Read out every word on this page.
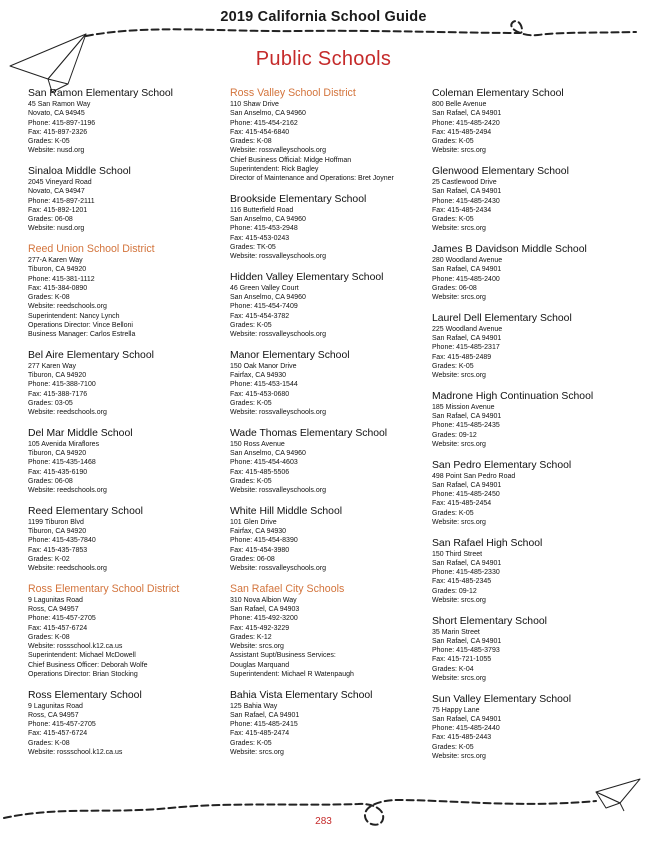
2019 California School Guide
Public Schools
San Ramon Elementary School
45 San Ramon Way
Novato, CA 94945
Phone: 415-897-1196
Fax: 415-897-2326
Grades: K-05
Website: nusd.org
Sinaloa Middle School
2045 Vineyard Road
Novato, CA 94947
Phone: 415-897-2111
Fax: 415-892-1201
Grades: 06-08
Website: nusd.org
Reed Union School District
277-A Karen Way
Tiburon, CA 94920
Phone: 415-381-1112
Fax: 415-384-0890
Grades: K-08
Website: reedschools.org
Superintendent: Nancy Lynch
Operations Director: Vince Belloni
Business Manager: Carlos Estrella
Bel Aire Elementary School
277 Karen Way
Tiburon, CA 94920
Phone: 415-388-7100
Fax: 415-388-7176
Grades: 03-05
Website: reedschools.org
Del Mar Middle School
105 Avenida Miraflores
Tiburon, CA 94920
Phone: 415-435-1468
Fax: 415-435-6190
Grades: 06-08
Website: reedschools.org
Reed Elementary School
1199 Tiburon Blvd
Tiburon, CA 94920
Phone: 415-435-7840
Fax: 415-435-7853
Grades: K-02
Website: reedschools.org
Ross Elementary School District
9 Lagunitas Road
Ross, CA 94957
Phone: 415-457-2705
Fax: 415-457-6724
Grades: K-08
Website: rossschool.k12.ca.us
Superintendent: Michael McDowell
Chief Business Officer: Deborah Wolfe
Operations Director: Brian Stocking
Ross Elementary School
9 Lagunitas Road
Ross, CA 94957
Phone: 415-457-2705
Fax: 415-457-6724
Grades: K-08
Website: rossschool.k12.ca.us
Ross Valley School District
110 Shaw Drive
San Anselmo, CA 94960
Phone: 415-454-2162
Fax: 415-454-6840
Grades: K-08
Website: rossvalleyschools.org
Chief Business Official: Midge Hoffman
Superintendent: Rick Bagley
Director of Maintenance and Operations: Bret Joyner
Brookside Elementary School
116 Butterfield Road
San Anselmo, CA 94960
Phone: 415-453-2948
Fax: 415-453-0243
Grades: TK-05
Website: rossvalleyschools.org
Hidden Valley Elementary School
46 Green Valley Court
San Anselmo, CA 94960
Phone: 415-454-7409
Fax: 415-454-3782
Grades: K-05
Website: rossvalleyschools.org
Manor Elementary School
150 Oak Manor Drive
Fairfax, CA 94930
Phone: 415-453-1544
Fax: 415-453-0680
Grades: K-05
Website: rossvalleyschools.org
Wade Thomas Elementary School
150 Ross Avenue
San Anselmo, CA 94960
Phone: 415-454-4603
Fax: 415-485-5506
Grades: K-05
Website: rossvalleyschools.org
White Hill Middle School
101 Glen Drive
Fairfax, CA 94930
Phone: 415-454-8390
Fax: 415-454-3980
Grades: 06-08
Website: rossvalleyschools.org
San Rafael City Schools
310 Nova Albion Way
San Rafael, CA 94903
Phone: 415-492-3200
Fax: 415-492-3229
Grades: K-12
Website: srcs.org
Assistant Supt/Business Services:
Douglas Marquand
Superintendent: Michael R Watenpaugh
Bahia Vista Elementary School
125 Bahia Way
San Rafael, CA 94901
Phone: 415-485-2415
Fax: 415-485-2474
Grades: K-05
Website: srcs.org
Coleman Elementary School
800 Belle Avenue
San Rafael, CA 94901
Phone: 415-485-2420
Fax: 415-485-2494
Grades: K-05
Website: srcs.org
Glenwood Elementary School
25 Castlewood Drive
San Rafael, CA 94901
Phone: 415-485-2430
Fax: 415-485-2434
Grades: K-05
Website: srcs.org
James B Davidson Middle School
280 Woodland Avenue
San Rafael, CA 94901
Phone: 415-485-2400
Grades: 06-08
Website: srcs.org
Laurel Dell Elementary School
225 Woodland Avenue
San Rafael, CA 94901
Phone: 415-485-2317
Fax: 415-485-2489
Grades: K-05
Website: srcs.org
Madrone High Continuation School
185 Mission Avenue
San Rafael, CA 94901
Phone: 415-485-2435
Grades: 09-12
Website: srcs.org
San Pedro Elementary School
498 Point San Pedro Road
San Rafael, CA 94901
Phone: 415-485-2450
Fax: 415-485-2454
Grades: K-05
Website: srcs.org
San Rafael High School
150 Third Street
San Rafael, CA 94901
Phone: 415-485-2330
Fax: 415-485-2345
Grades: 09-12
Website: srcs.org
Short Elementary School
35 Marin Street
San Rafael, CA 94901
Phone: 415-485-3793
Fax: 415-721-1055
Grades: K-04
Website: srcs.org
Sun Valley Elementary School
75 Happy Lane
San Rafael, CA 94901
Phone: 415-485-2440
Fax: 415-485-2443
Grades: K-05
Website: srcs.org
283
